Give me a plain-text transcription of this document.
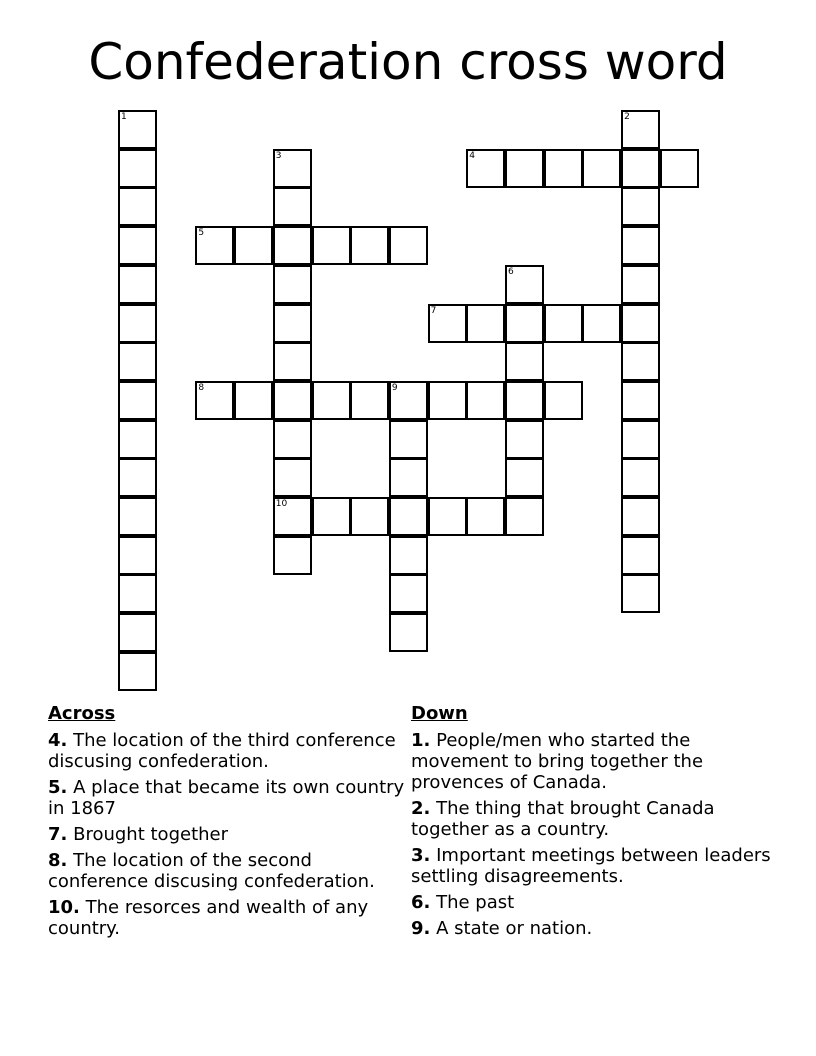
Confederation cross word
1	2
3
10
4
5
6
7
8	9
Across
4. The location of the third conference discusing confederation.
5. A place that became its own country in 1867
7. Brought together
8. The location of the second conference discusing confederation.
10. The resorces and wealth of any country.
Down
1. People/men who started the movement to bring together the provences of Canada.
2. The thing that brought Canada together as a country.
3. Important meetings between leaders settling disagreements.
6. The past
9. A state or nation.
